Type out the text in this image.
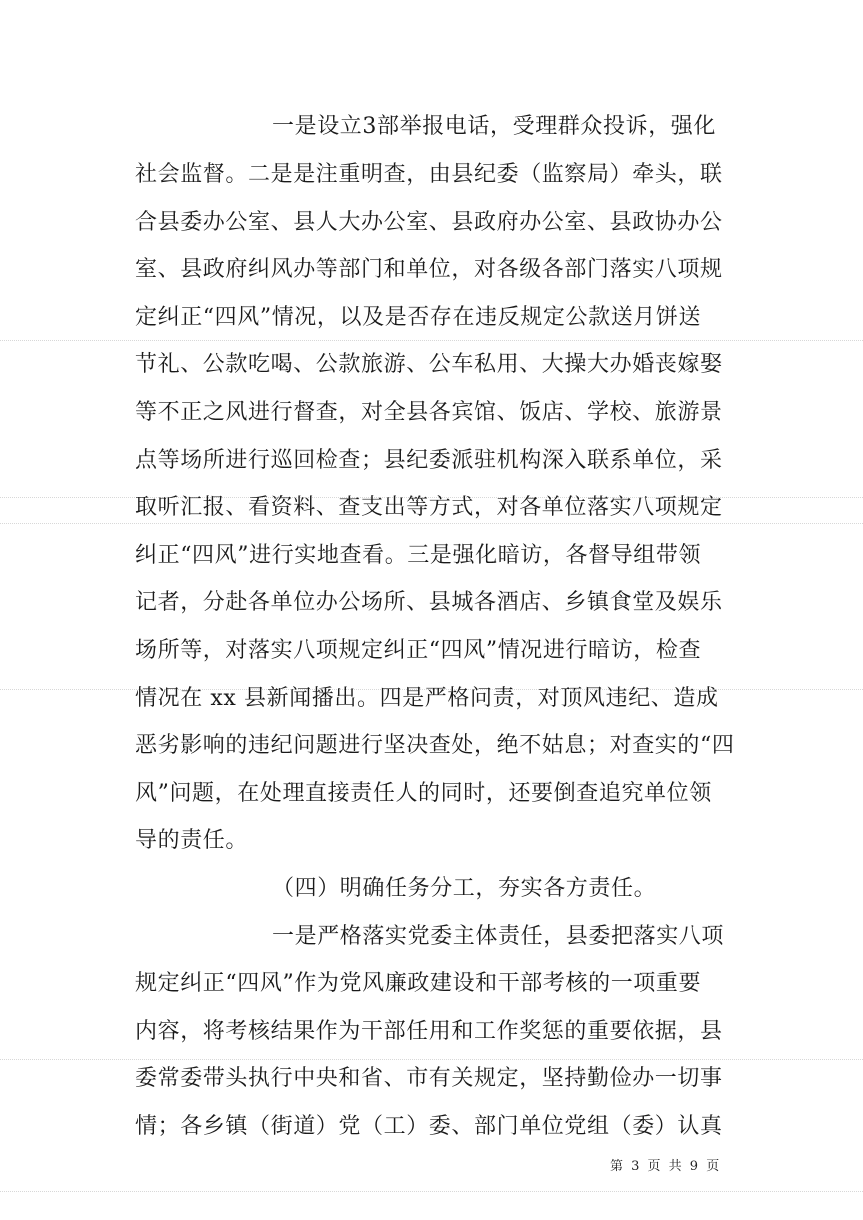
一是设立3部举报电话，受理群众投诉，强化
社会监督。二是是注重明查，由县纪委（监察局）牵头，联
合县委办公室、县人大办公室、县政府办公室、县政协办公
室、县政府纠风办等部门和单位，对各级各部门落实八项规
定纠正“四风”情况，以及是否存在违反规定公款送月饼送
节礼、公款吃喝、公款旅游、公车私用、大操大办婚丧嫁娶
等不正之风进行督查，对全县各宾馆、饭店、学校、旅游景
点等场所进行巡回检查；县纪委派驻机构深入联系单位，采
取听汇报、看资料、查支出等方式，对各单位落实八项规定
纠正“四风”进行实地查看。三是强化暗访，各督导组带领
记者，分赴各单位办公场所、县城各酒店、乡镇食堂及娱乐
场所等，对落实八项规定纠正“四风”情况进行暗访，检查
情况在 xx 县新闻播出。四是严格问责，对顶风违纪、造成
恶劣影响的违纪问题进行坚决查处，绝不姑息；对查实的“四
风”问题，在处理直接责任人的同时，还要倒查追究单位领
导的责任。
（四）明确任务分工，夯实各方责任。
一是严格落实党委主体责任，县委把落实八项
规定纠正“四风”作为党风廉政建设和干部考核的一项重要
内容，将考核结果作为干部任用和工作奖惩的重要依据，县
委常委带头执行中央和省、市有关规定，坚持勤俭办一切事
情；各乡镇（街道）党（工）委、部门单位党组（委）认真
第 3 页 共 9 页
